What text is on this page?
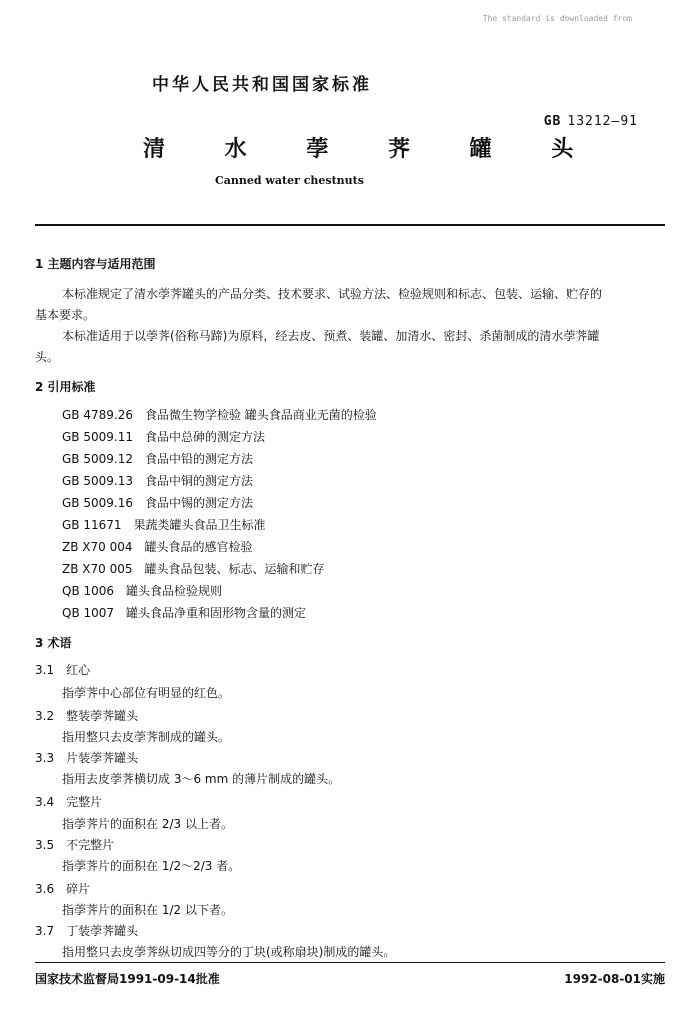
The standard is downloaded from
中华人民共和国国家标准
GB 13212—91
清 水 荸 荠 罐 头
Canned water chestnuts
1 主题内容与适用范围
本标准规定了清水荸荠罐头的产品分类、技术要求、试验方法、检验规则和标志、包装、运输、贮存的
基本要求。
本标准适用于以荸荠(俗称马蹄)为原料，经去皮、预煮、装罐、加清水、密封、杀菌制成的清水荸荠罐
头。
2 引用标准
GB 4789.26 食品微生物学检验 罐头食品商业无菌的检验
GB 5009.11 食品中总砷的测定方法
GB 5009.12 食品中铅的测定方法
GB 5009.13 食品中铜的测定方法
GB 5009.16 食品中锡的测定方法
GB 11671 果蔬类罐头食品卫生标准
ZB X70 004 罐头食品的感官检验
ZB X70 005 罐头食品包装、标志、运输和贮存
QB 1006 罐头食品检验规则
QB 1007 罐头食品净重和固形物含量的测定
3 术语
3.1 红心
指荸荠中心部位有明显的红色。
3.2 整装荸荠罐头
指用整只去皮荸荠制成的罐头。
3.3 片装荸荠罐头
指用去皮荸荠横切成 3～6 mm 的薄片制成的罐头。
3.4 完整片
指荸荠片的面积在 2/3 以上者。
3.5 不完整片
指荸荠片的面积在 1/2～2/3 者。
3.6 碎片
指荸荠片的面积在 1/2 以下者。
3.7 丁装荸荠罐头
指用整只去皮荸荠纵切成四等分的丁块(或称扇块)制成的罐头。
国家技术监督局1991-09-14批准	1992-08-01实施
